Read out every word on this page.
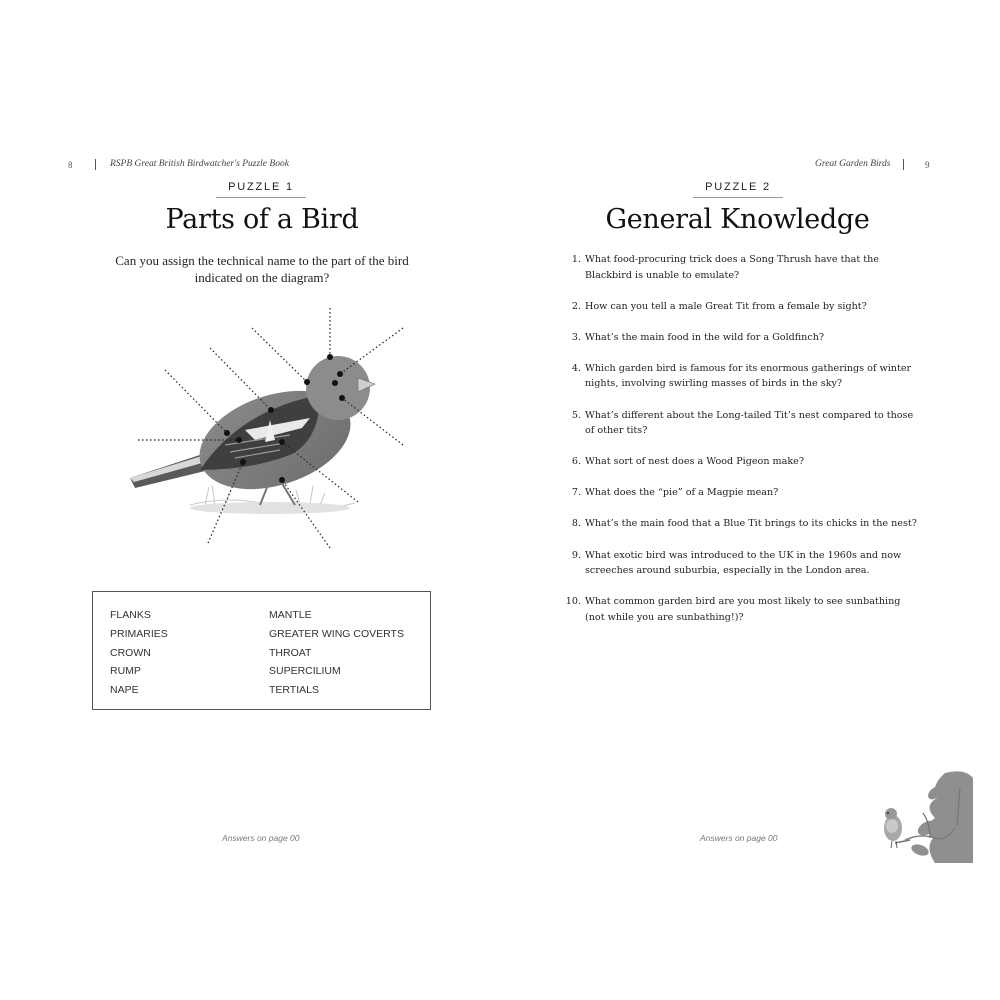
8	RSPB Great British Birdwatcher's Puzzle Book
PUZZLE 1
Parts of a Bird
Can you assign the technical name to the part of the bird
indicated on the diagram?
FLANKS
PRIMARIES
CROWN
RUMP
NAPE
MANTLE
GREATER WING COVERTS
THROAT
SUPERCILIUM
TERTIALS
Answers on page 00
Great Garden Birds	9
PUZZLE 2
General Knowledge
1. What food-procuring trick does a Song Thrush have that the
Blackbird is unable to emulate?
2. How can you tell a male Great Tit from a female by sight?
3. What’s the main food in the wild for a Goldfinch?
4. Which garden bird is famous for its enormous gatherings of winter
nights, involving swirling masses of birds in the sky?
5. What’s different about the Long-tailed Tit’s nest compared to those
of other tits?
6. What sort of nest does a Wood Pigeon make?
7. What does the “pie” of a Magpie mean?
8. What’s the main food that a Blue Tit brings to its chicks in the nest?
9. What exotic bird was introduced to the UK in the 1960s and now
screeches around suburbia, especially in the London area.
10. What common garden bird are you most likely to see sunbathing
(not while you are sunbathing!)?
Answers on page 00
